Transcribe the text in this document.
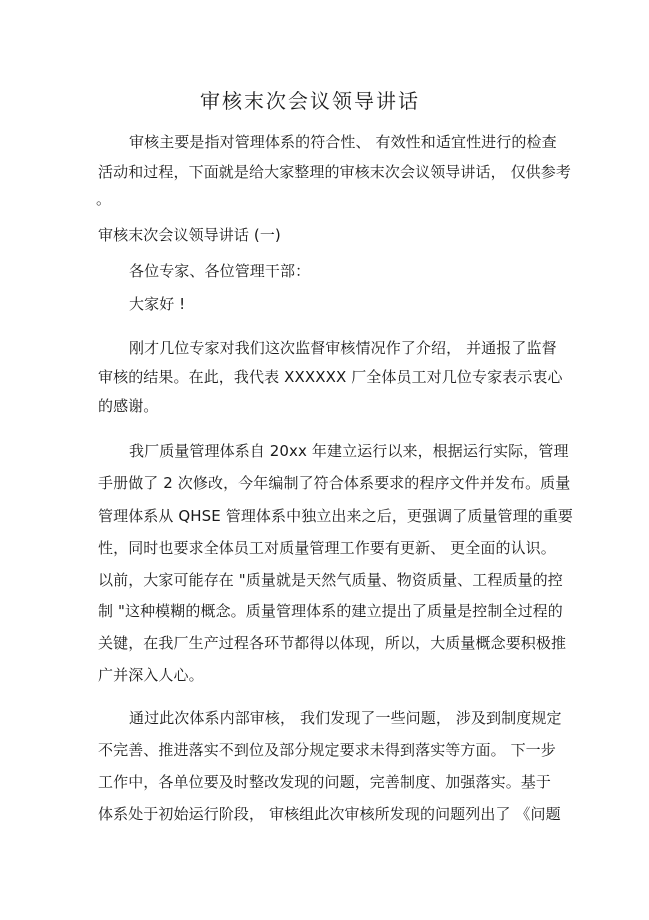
审核末次会议领导讲话
审核主要是指对管理体系的符合性、 有效性和适宜性进行的检查
活动和过程，下面就是给大家整理的审核末次会议领导讲话， 仅供参考
。
审核末次会议领导讲话 (一)
各位专家、各位管理干部：
大家好 !
刚才几位专家对我们这次监督审核情况作了介绍， 并通报了监督
审核的结果。在此，我代表 XXXXXX 厂全体员工对几位专家表示衷心
的感谢。
我厂质量管理体系自 20xx 年建立运行以来，根据运行实际，管理
手册做了 2 次修改，今年编制了符合体系要求的程序文件并发布。质量
管理体系从 QHSE 管理体系中独立出来之后，更强调了质量管理的重要
性，同时也要求全体员工对质量管理工作要有更新、 更全面的认识。
以前，大家可能存在 "质量就是天然气质量、物资质量、工程质量的控
制 "这种模糊的概念。质量管理体系的建立提出了质量是控制全过程的
关键，在我厂生产过程各环节都得以体现，所以，大质量概念要积极推
广并深入人心。
通过此次体系内部审核， 我们发现了一些问题， 涉及到制度规定
不完善、推进落实不到位及部分规定要求未得到落实等方面。 下一步
工作中，各单位要及时整改发现的问题，完善制度、加强落实。基于
体系处于初始运行阶段， 审核组此次审核所发现的问题列出了 《问题
